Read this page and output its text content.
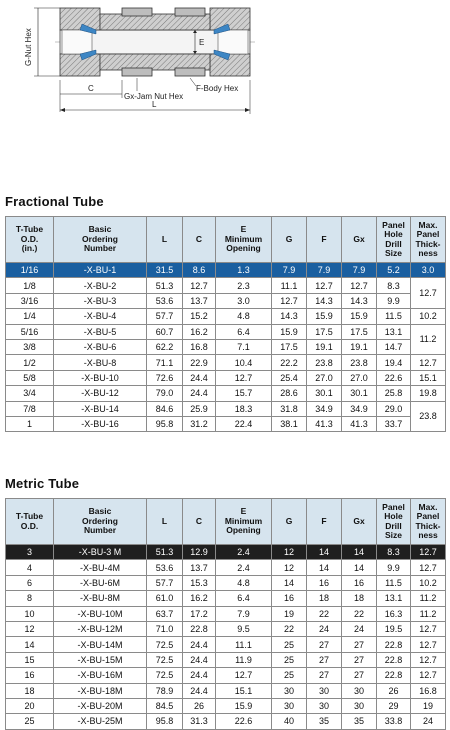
G-Nut Hex	E
C
Gx-Jam Nut Hex
F-Body Hex
L
Fractional Tube
T-Tube
O.D.
(in.)	Basic
Ordering
Number	L	C	E
Minimum
Opening	G	F	Gx	Panel
Hole
Drill
Size	Max.
Panel
Thick-
ness
1/16	-X-BU-1	31.5	8.6	1.3	7.9	7.9	7.9	5.2	3.0
1/8	-X-BU-2	51.3	12.7	2.3	11.1	12.7	12.7	8.3	12.7
3/16	-X-BU-3	53.6	13.7	3.0	12.7	14.3	14.3	9.9	
1/4	-X-BU-4	57.7	15.2	4.8	14.3	15.9	15.9	11.5	10.2
5/16	-X-BU-5	60.7	16.2	6.4	15.9	17.5	17.5	13.1	11.2
3/8	-X-BU-6	62.2	16.8	7.1	17.5	19.1	19.1	14.7	
1/2	-X-BU-8	71.1	22.9	10.4	22.2	23.8	23.8	19.4	12.7
5/8	-X-BU-10	72.6	24.4	12.7	25.4	27.0	27.0	22.6	15.1
3/4	-X-BU-12	79.0	24.4	15.7	28.6	30.1	30.1	25.8	19.8
7/8	-X-BU-14	84.6	25.9	18.3	31.8	34.9	34.9	29.0	23.8
1	-X-BU-16	95.8	31.2	22.4	38.1	41.3	41.3	33.7	
Metric Tube
T-Tube
O.D.	Basic
Ordering
Number	L	C	E
Minimum
Opening	G	F	Gx	Panel
Hole
Drill
Size	Max.
Panel
Thick-
ness
3	-X-BU-3 M	51.3	12.9	2.4	12	14	14	8.3	12.7
4	-X-BU-4M	53.6	13.7	2.4	12	14	14	9.9	12.7
6	-X-BU-6M	57.7	15.3	4.8	14	16	16	11.5	10.2
8	-X-BU-8M	61.0	16.2	6.4	16	18	18	13.1	11.2
10	-X-BU-10M	63.7	17.2	7.9	19	22	22	16.3	11.2
12	-X-BU-12M	71.0	22.8	9.5	22	24	24	19.5	12.7
14	-X-BU-14M	72.5	24.4	11.1	25	27	27	22.8	12.7
15	-X-BU-15M	72.5	24.4	11.9	25	27	27	22.8	12.7
16	-X-BU-16M	72.5	24.4	12.7	25	27	27	22.8	12.7
18	-X-BU-18M	78.9	24.4	15.1	30	30	30	26	16.8
20	-X-BU-20M	84.5	26	15.9	30	30	30	29	19
25	-X-BU-25M	95.8	31.3	22.6	40	35	35	33.8	24
